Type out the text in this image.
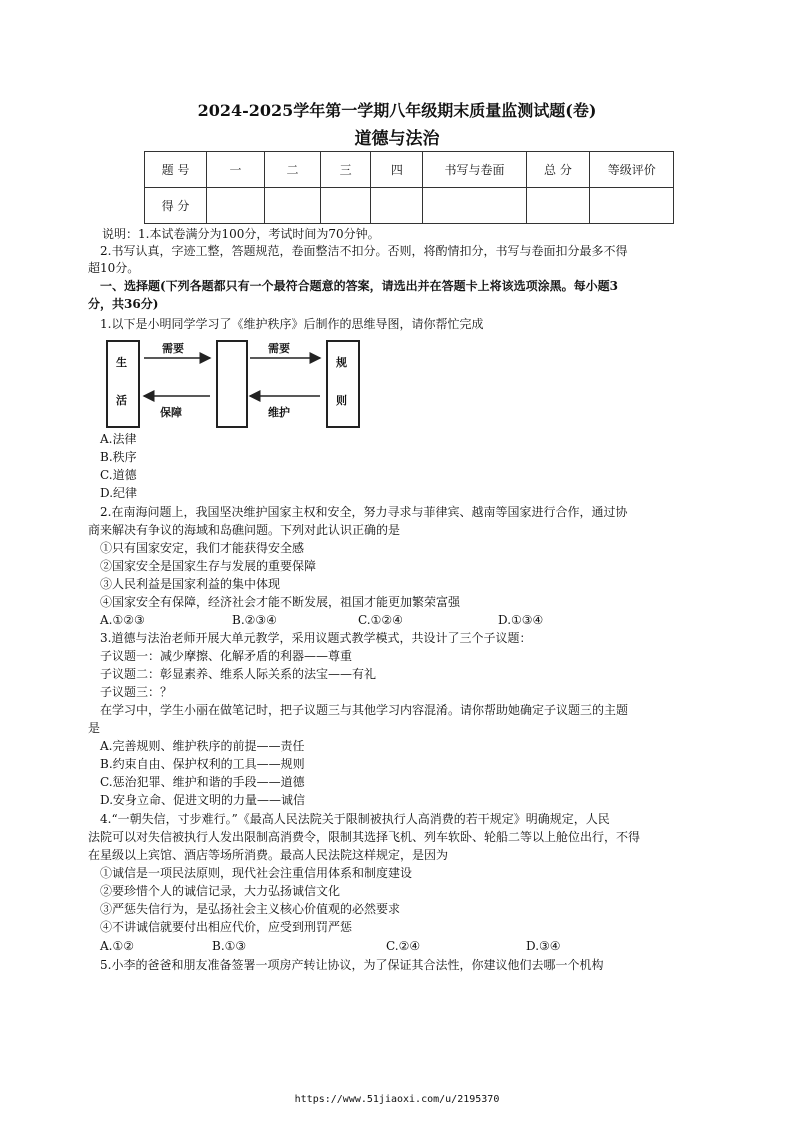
2024-2025学年第一学期八年级期末质量监测试题(卷)
道德与法治
题 号	一	二	三	四	书写与卷面	总 分	等级评价
得 分							
说明：1.本试卷满分为100分，考试时间为70分钟。
2.书写认真，字迹工整，答题规范，卷面整洁不扣分。否则，将酌情扣分，书写与卷面扣分最多不得
超10分。
一、选择题(下列各题都只有一个最符合题意的答案，请选出并在答题卡上将该选项涂黑。每小题3
分，共36分)
1.以下是小明同学学习了《维护秩序》后制作的思维导图，请你帮忙完成
生
活
规
则
需要	需要
保障	维护
A.法律
B.秩序
C.道德
D.纪律
2.在南海问题上，我国坚决维护国家主权和安全，努力寻求与菲律宾、越南等国家进行合作，通过协
商来解决有争议的海域和岛礁问题。下列对此认识正确的是
①只有国家安定，我们才能获得安全感
②国家安全是国家生存与发展的重要保障
③人民利益是国家利益的集中体现
④国家安全有保障，经济社会才能不断发展，祖国才能更加繁荣富强
A.①②③	B.②③④	C.①②④	D.①③④
3.道德与法治老师开展大单元教学，采用议题式教学模式，共设计了三个子议题：
子议题一：减少摩擦、化解矛盾的利器——尊重
子议题二：彰显素养、维系人际关系的法宝——有礼
子议题三：？
在学习中，学生小丽在做笔记时，把子议题三与其他学习内容混淆。请你帮助她确定子议题三的主题
是
A.完善规则、维护秩序的前提——责任
B.约束自由、保护权利的工具——规则
C.惩治犯罪、维护和谐的手段——道德
D.安身立命、促进文明的力量——诚信
4.“一朝失信，寸步难行。”《最高人民法院关于限制被执行人高消费的若干规定》明确规定，人民
法院可以对失信被执行人发出限制高消费令，限制其选择飞机、列车软卧、轮船二等以上舱位出行，不得
在星级以上宾馆、酒店等场所消费。最高人民法院这样规定，是因为
①诚信是一项民法原则，现代社会注重信用体系和制度建设
②要珍惜个人的诚信记录，大力弘扬诚信文化
③严惩失信行为，是弘扬社会主义核心价值观的必然要求
④不讲诚信就要付出相应代价，应受到刑罚严惩
A.①②	B.①③	C.②④	D.③④
5.小李的爸爸和朋友准备签署一项房产转让协议，为了保证其合法性，你建议他们去哪一个机构
https://www.51jiaoxi.com/u/2195370
